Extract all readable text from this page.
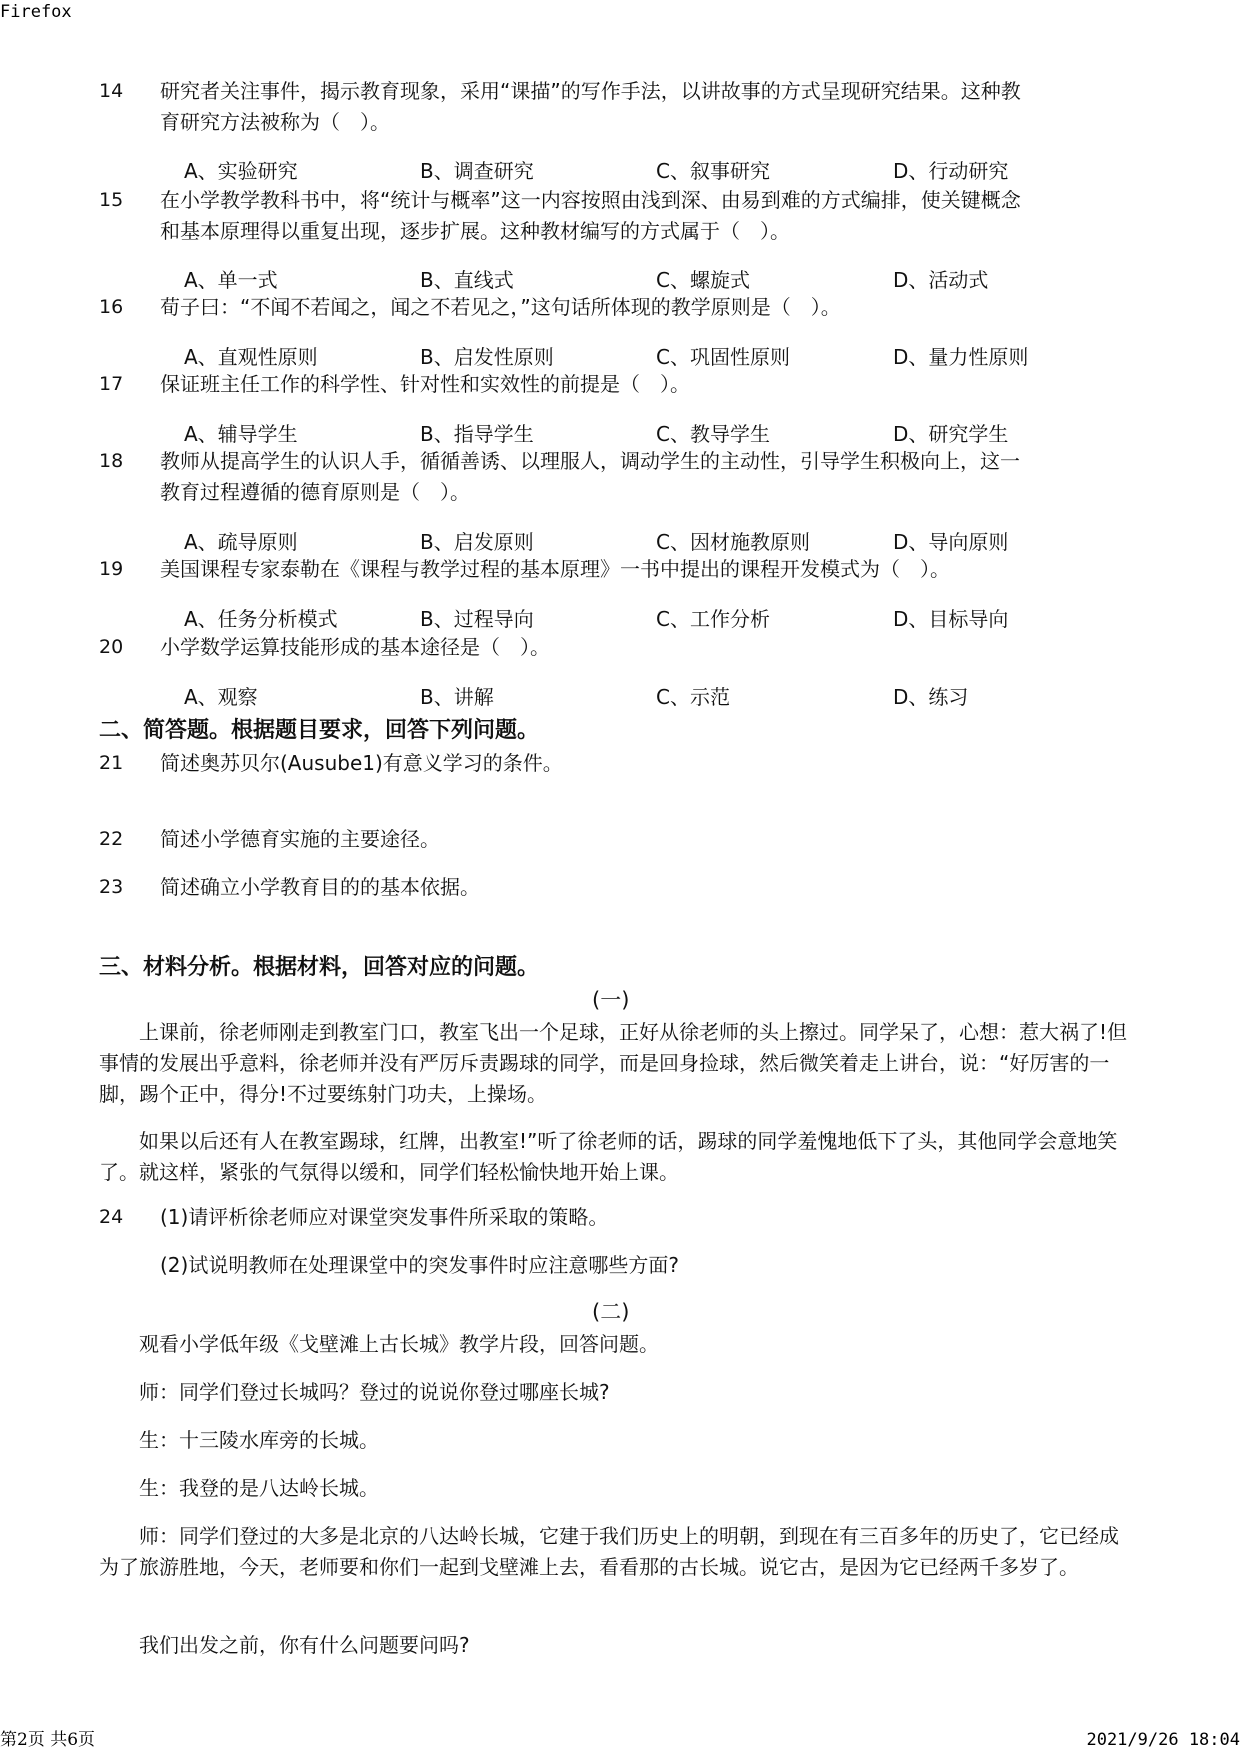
Firefox
14 研究者关注事件，揭示教育现象，采用“课描”的写作手法，以讲故事的方式呈现研究结果。这种教
育研究方法被称为（　）。
A、实验研究	B、调查研究	C、叙事研究	D、行动研究
15 在小学教学教科书中，将“统计与概率”这一内容按照由浅到深、由易到难的方式编排，使关键概念
和基本原理得以重复出现，逐步扩展。这种教材编写的方式属于（　）。
A、单一式	B、直线式	C、螺旋式	D、活动式
16 荀子曰：“不闻不若闻之，闻之不若见之，”这句话所体现的教学原则是（　）。
A、直观性原则	B、启发性原则	C、巩固性原则	D、量力性原则
17 保证班主任工作的科学性、针对性和实效性的前提是（　）。
A、辅导学生	B、指导学生	C、教导学生	D、研究学生
18 教师从提高学生的认识人手，循循善诱、以理服人，调动学生的主动性，引导学生积极向上，这一
教育过程遵循的德育原则是（　）。
A、疏导原则	B、启发原则	C、因材施教原则	D、导向原则
19 美国课程专家泰勒在《课程与教学过程的基本原理》一书中提出的课程开发模式为（　）。
A、任务分析模式	B、过程导向	C、工作分析	D、目标导向
20 小学数学运算技能形成的基本途径是（　）。
A、观察	B、讲解	C、示范	D、练习
二、简答题。根据题目要求，回答下列问题。
21 简述奥苏贝尔(Ausube1)有意义学习的条件。
22 简述小学德育实施的主要途径。
23 简述确立小学教育目的的基本依据。
三、材料分析。根据材料，回答对应的问题。
(一)
上课前，徐老师刚走到教室门口，教室飞出一个足球，正好从徐老师的头上擦过。同学呆了，心想：惹大祸了!但事情的发展出乎意料，徐老师并没有严厉斥责踢球的同学，而是回身捡球，然后微笑着走上讲台，说：“好厉害的一脚，踢个正中，得分!不过要练射门功夫，上操场。
如果以后还有人在教室踢球，红牌，出教室!”听了徐老师的话，踢球的同学羞愧地低下了头，其他同学会意地笑了。就这样，紧张的气氛得以缓和，同学们轻松愉快地开始上课。
24 (1)请评析徐老师应对课堂突发事件所采取的策略。
(2)试说明教师在处理课堂中的突发事件时应注意哪些方面?
(二)
观看小学低年级《戈壁滩上古长城》教学片段，回答问题。
师：同学们登过长城吗？登过的说说你登过哪座长城?
生：十三陵水库旁的长城。
生：我登的是八达岭长城。
师：同学们登过的大多是北京的八达岭长城，它建于我们历史上的明朝，到现在有三百多年的历史了，它已经成为了旅游胜地，今天，老师要和你们一起到戈壁滩上去，看看那的古长城。说它古，是因为它已经两千多岁了。
我们出发之前，你有什么问题要问吗?
第2页 共6页	2021/9/26 18:04
